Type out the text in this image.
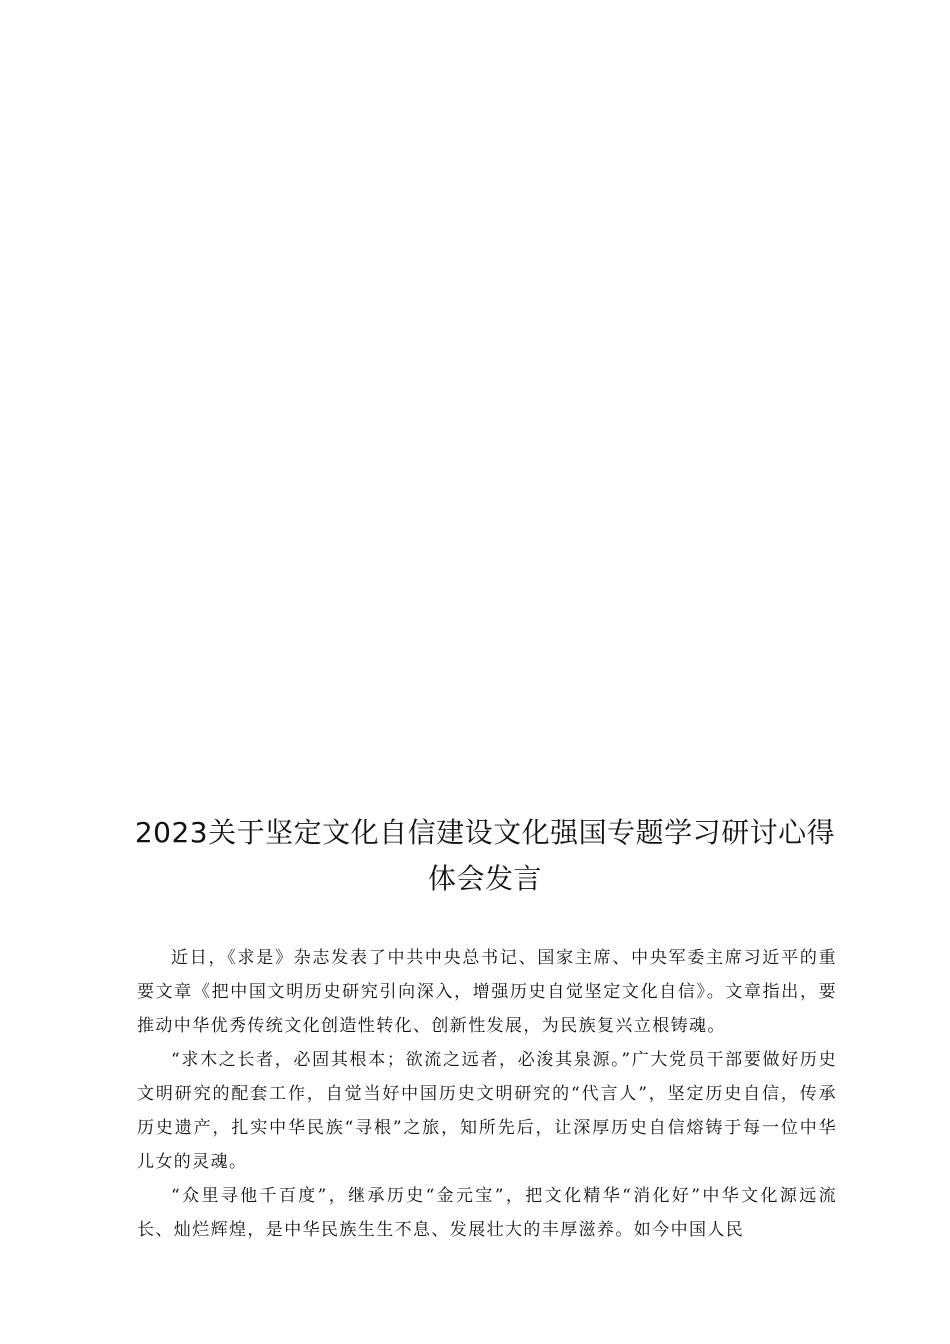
2023关于坚定文化自信建设文化强国专题学习研讨心得
体会发言

近日，《求是》杂志发表了中共中央总书记、国家主席、中央军委主席习近平的重要文章《把中国文明历史研究引向深入，增强历史自觉坚定文化自信》。文章指出，要推动中华优秀传统文化创造性转化、创新性发展，为民族复兴立根铸魂。

“求木之长者，必固其根本；欲流之远者，必浚其泉源。”广大党员干部要做好历史文明研究的配套工作，自觉当好中国历史文明研究的“代言人”，坚定历史自信，传承历史遗产，扎实中华民族“寻根”之旅，知所先后，让深厚历史自信熔铸于每一位中华儿女的灵魂。

“众里寻他千百度”，继承历史“金元宝”，把文化精华“消化好”中华文化源远流长、灿烂辉煌，是中华民族生生不息、发展壮大的丰厚滋养。如今中国人民
